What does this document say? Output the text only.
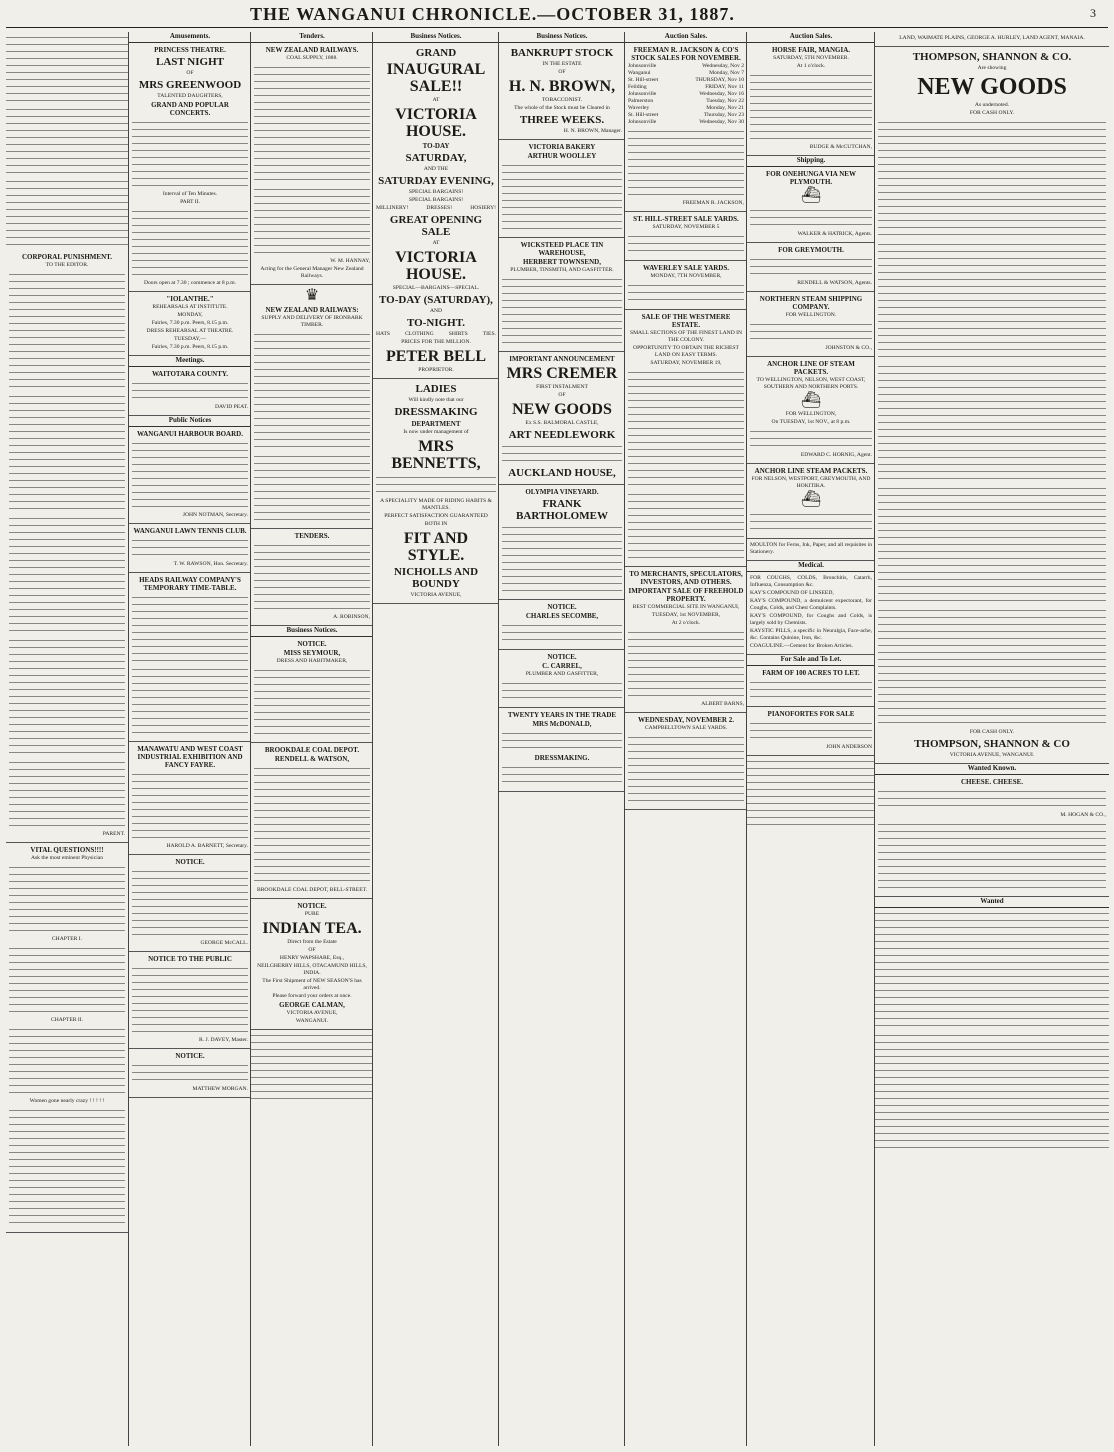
THE WANGANUI CHRONICLE.—OCTOBER 31, 1887.	3
CORPORAL PUNISHMENT.

TO THE EDITOR.

PARENT.

VITAL QUESTIONS!!!!

Ask the most eminent Physician

CHAPTER I.

CHAPTER II.

Women gone nearly crazy ! ! ! ! !

Amusements.
PRINCESS THEATRE.
LAST NIGHT

OF

MRS GREENWOOD

TALENTED DAUGHTERS,

GRAND AND POPULAR CONCERTS.

Interval of Ten Minutes.

PART II.

Doors open at 7.30 ; commence at 8 p.m.

"IOLANTHE."

REHEARSALS AT INSTITUTE.

MONDAY,

Fairies, 7.30 p.m. Peers, 8.15 p.m.

DRESS REHEARSAL AT THEATRE.

TUESDAY,—

Fairies, 7.30 p.m. Peers, 8.15 p.m.

Meetings.
WAITOTARA COUNTY.

DAVID PEAT.

Public Notices
WANGANUI HARBOUR BOARD.

JOHN NOTMAN, Secretary.

WANGANUI LAWN TENNIS CLUB.

T. W. RAWSON, Hon. Secretary.

HEADS RAILWAY COMPANY'S TEMPORARY TIME-TABLE.
MANAWATU AND WEST COAST INDUSTRIAL EXHIBITION AND FANCY FAYRE.

HAROLD A. BARNETT, Secretary.

NOTICE.

GEORGE McCALL.

NOTICE TO THE PUBLIC

R. J. DAVEY, Master.

NOTICE.

MATTHEW MORGAN.

Tenders.
NEW ZEALAND RAILWAYS.

COAL SUPPLY, 1888.

W. M. HANNAY,

Acting for the General Manager New Zealand Railways.

♛
NEW ZEALAND RAILWAYS:

SUPPLY AND DELIVERY OF IRONBARK TIMBER.

TENDERS.

A. ROBINSON,

Business Notices.
NOTICE.
MISS SEYMOUR,

DRESS AND HABITMAKER,

BROOKDALE COAL DEPOT.
RENDELL & WATSON,

BROOKDALE COAL DEPOT, BELL-STREET.

NOTICE.

PURE

INDIAN TEA.

Direct from the Estate

OF

HENRY WAPSHARE, Esq.,

NEILGHERRY HILLS, OTACAMUND HILLS, INDIA.

The First Shipment of NEW SEASON'S has arrived.

Please forward your orders at once.

GEORGE CALMAN,

VICTORIA AVENUE,

WANGANUI.

Business Notices.
GRAND
INAUGURAL SALE!!

AT

VICTORIA HOUSE.
TO-DAY
SATURDAY,

AND THE

SATURDAY EVENING,

SPECIAL BARGAINS!

SPECIAL BARGAINS!

MILLINERY!	DRESSES!	HOSIERY!
GREAT OPENING SALE

AT

VICTORIA HOUSE.

SPECIAL—BARGAINS—SPECIAL.

TO-DAY (SATURDAY),

AND

TO-NIGHT.
HATS	CLOTHING	SHIRTS	TIES.

PRICES FOR THE MILLION.

PETER BELL

PROPRIETOR.

LADIES

Will kindly note that our

DRESSMAKING
DEPARTMENT

Is now under management of

MRS BENNETTS,

A SPECIALITY MADE OF RIDING HABITS & MANTLES.

PERFECT SATISFACTION GUARANTEED

BOTH IN

FIT AND STYLE.
NICHOLLS AND BOUNDY

VICTORIA AVENUE,

Business Notices.
BANKRUPT STOCK

IN THE ESTATE

OF

H. N. BROWN,

TOBACCONIST.

The whole of the Stock must be Cleared in

THREE WEEKS.

H. N. BROWN, Manager.

VICTORIA BAKERY
ARTHUR WOOLLEY
WICKSTEED PLACE TIN WAREHOUSE,
HERBERT TOWNSEND,

PLUMBER, TINSMITH, AND GASFITTER.

IMPORTANT ANNOUNCEMENT
MRS CREMER

FIRST INSTALMENT

OF

NEW GOODS

Ex S.S. BALMORAL CASTLE,

ART NEEDLEWORK
AUCKLAND HOUSE,
OLYMPIA VINEYARD.
FRANK BARTHOLOMEW
NOTICE.
CHARLES SECOMBE,
NOTICE.
C. CARREL,

PLUMBER AND GASFITTER,

TWENTY YEARS IN THE TRADE
MRS McDONALD,
DRESSMAKING.
Auction Sales.
FREEMAN R. JACKSON & CO'S STOCK SALES FOR NOVEMBER.
Johnsonville	Wednesday, Nov 2
Wanganui	Monday, Nov 7
St. Hill-street	THURSDAY, Nov 10
Feilding	FRIDAY, Nov 11
Johnsonville	Wednesday, Nov 16
Palmerston	Tuesday, Nov 22
Waverley	Monday, Nov 21
St. Hill-street	Thursday, Nov 23
Johnsonville	Wednesday, Nov 30

FREEMAN R. JACKSON,

ST. HILL-STREET SALE YARDS.

SATURDAY, NOVEMBER 5

WAVERLEY SALE YARDS.

MONDAY, 7TH NOVEMBER,

SALE OF THE WESTMERE ESTATE.

SMALL SECTIONS OF THE FINEST LAND IN THE COLONY.

OPPORTUNITY TO OBTAIN THE RICHEST LAND ON EASY TERMS.

SATURDAY, NOVEMBER 19,

TO MERCHANTS, SPECULATORS, INVESTORS, AND OTHERS.
IMPORTANT SALE OF FREEHOLD PROPERTY.

BEST COMMERCIAL SITE IN WANGANUI,

TUESDAY, 1st NOVEMBER,

At 2 o'clock.

ALBERT BARNS,

WEDNESDAY, NOVEMBER 2.

CAMPBELLTOWN SALE YARDS.

Auction Sales.
HORSE FAIR, MANGIA.

SATURDAY, 5TH NOVEMBER.

At 1 o'clock.

BUDGE & McCUTCHAN,

Shipping.
FOR ONEHUNGA VIA NEW PLYMOUTH.
⛴

WALKER & HATRICK, Agents.

FOR GREYMOUTH.

RENDELL & WATSON, Agents.

NORTHERN STEAM SHIPPING COMPANY.

FOR WELLINGTON.

JOHNSTON & CO.,

ANCHOR LINE OF STEAM PACKETS.

TO WELLINGTON, NELSON, WEST COAST, SOUTHERN AND NORTHERN PORTS.

⛴

FOR WELLINGTON,

On TUESDAY, 1st NOV., at 8 p.m.

EDWARD C. HORNIG, Agent.

ANCHOR LINE STEAM PACKETS.

FOR NELSON, WESTPORT, GREYMOUTH, AND HOKITIKA.

⛴

MOULTON for Ferns, Ink, Paper, and all requisites in Stationery.

Medical.

FOR COUGHS, COLDS, Bronchitis, Catarrh, Influenza, Consumption &c.

KAY'S COMPOUND OF LINSEED,

KAY'S COMPOUND, a demulcent expectorant, for Coughs, Colds, and Chest Complaints.

KAY'S COMPOUND, for Coughs and Colds, is largely sold by Chemists.

KAYSTIC PILLS, a specific in Neuralgia, Face-ache, &c. Contains Quinine, Iron, &c.

COAGULINE.—Cement for Broken Articles.

For Sale and To Let.
FARM OF 100 ACRES TO LET.
PIANOFORTES FOR SALE

JOHN ANDERSON

LAND, WAIMATE PLAINS, GEORGE A. HURLEY, LAND AGENT, MANAIA.

THOMPSON, SHANNON & CO.

Are showing

NEW GOODS

As undernoted.

FOR CASH ONLY.

FOR CASH ONLY.

THOMPSON, SHANNON & CO

VICTORIA AVENUE, WANGANUI.

Wanted Known.
CHEESE. CHEESE.

M. HOGAN & CO.,

Wanted
